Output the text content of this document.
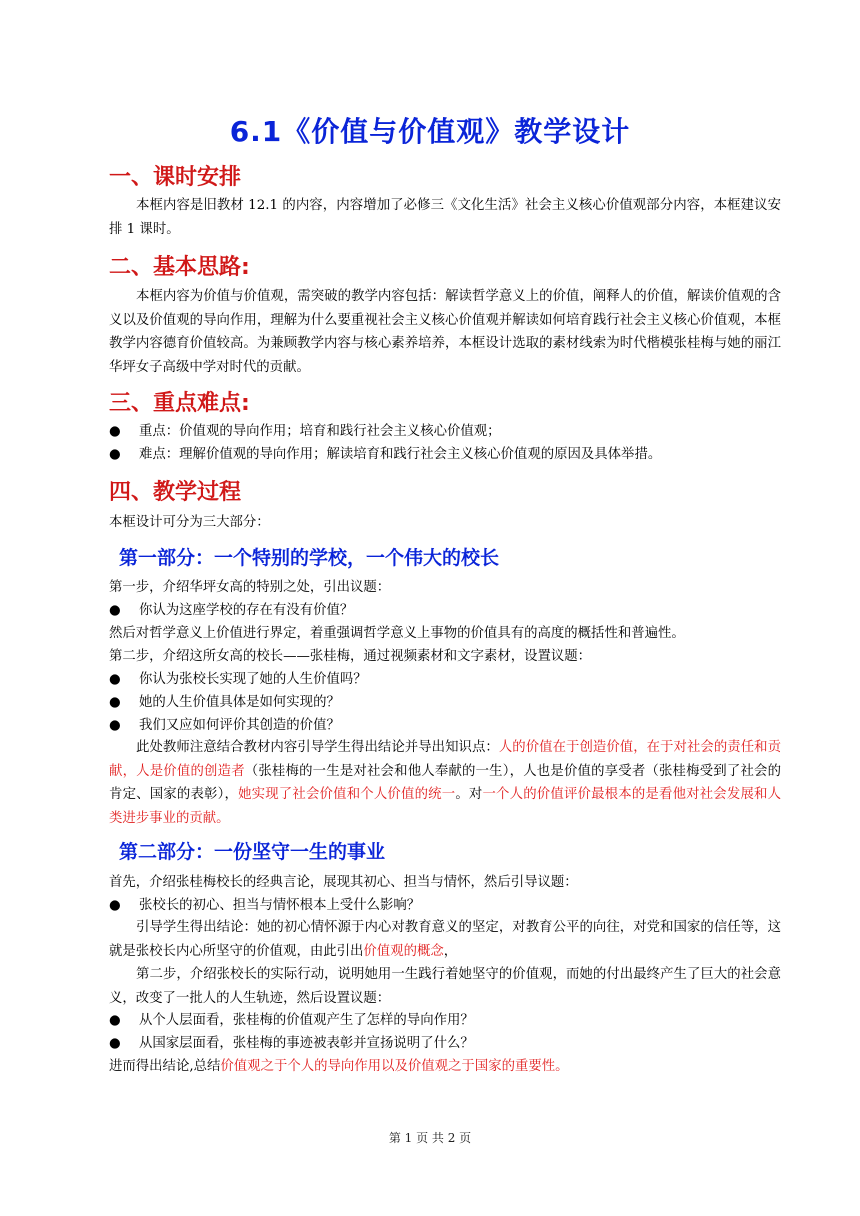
6.1《价值与价值观》教学设计
一、课时安排

本框内容是旧教材 12.1 的内容，内容增加了必修三《文化生活》社会主义核心价值观部分内容，本框建议安排 1 课时。

二、基本思路:

本框内容为价值与价值观，需突破的教学内容包括：解读哲学意义上的价值，阐释人的价值，解读价值观的含义以及价值观的导向作用，理解为什么要重视社会主义核心价值观并解读如何培育践行社会主义核心价值观，本框教学内容德育价值较高。为兼顾教学内容与核心素养培养，本框设计选取的素材线索为时代楷模张桂梅与她的丽江华坪女子高级中学对时代的贡献。

三、重点难点:
● 重点：价值观的导向作用；培育和践行社会主义核心价值观；
● 难点：理解价值观的导向作用；解读培育和践行社会主义核心价值观的原因及具体举措。
四、教学过程
本框设计可分为三大部分：
第一部分：一个特别的学校，一个伟大的校长
第一步，介绍华坪女高的特别之处，引出议题：
● 你认为这座学校的存在有没有价值？
然后对哲学意义上价值进行界定，着重强调哲学意义上事物的价值具有的高度的概括性和普遍性。
第二步，介绍这所女高的校长——张桂梅，通过视频素材和文字素材，设置议题：
● 你认为张校长实现了她的人生价值吗？
● 她的人生价值具体是如何实现的？
● 我们又应如何评价其创造的价值？

此处教师注意结合教材内容引导学生得出结论并导出知识点：人的价值在于创造价值，在于对社会的责任和贡献，人是价值的创造者（张桂梅的一生是对社会和他人奉献的一生），人也是价值的享受者（张桂梅受到了社会的肯定、国家的表彰），她实现了社会价值和个人价值的统一。对一个人的价值评价最根本的是看他对社会发展和人类进步事业的贡献。

第二部分：一份坚守一生的事业
首先，介绍张桂梅校长的经典言论，展现其初心、担当与情怀，然后引导议题：
● 张校长的初心、担当与情怀根本上受什么影响？

引导学生得出结论：她的初心情怀源于内心对教育意义的坚定，对教育公平的向往，对党和国家的信任等，这就是张校长内心所坚守的价值观，由此引出价值观的概念，

第二步，介绍张校长的实际行动，说明她用一生践行着她坚守的价值观，而她的付出最终产生了巨大的社会意义，改变了一批人的人生轨迹，然后设置议题：

● 从个人层面看，张桂梅的价值观产生了怎样的导向作用？
● 从国家层面看，张桂梅的事迹被表彰并宣扬说明了什么？
进而得出结论,总结价值观之于个人的导向作用以及价值观之于国家的重要性。
第 1 页 共 2 页
